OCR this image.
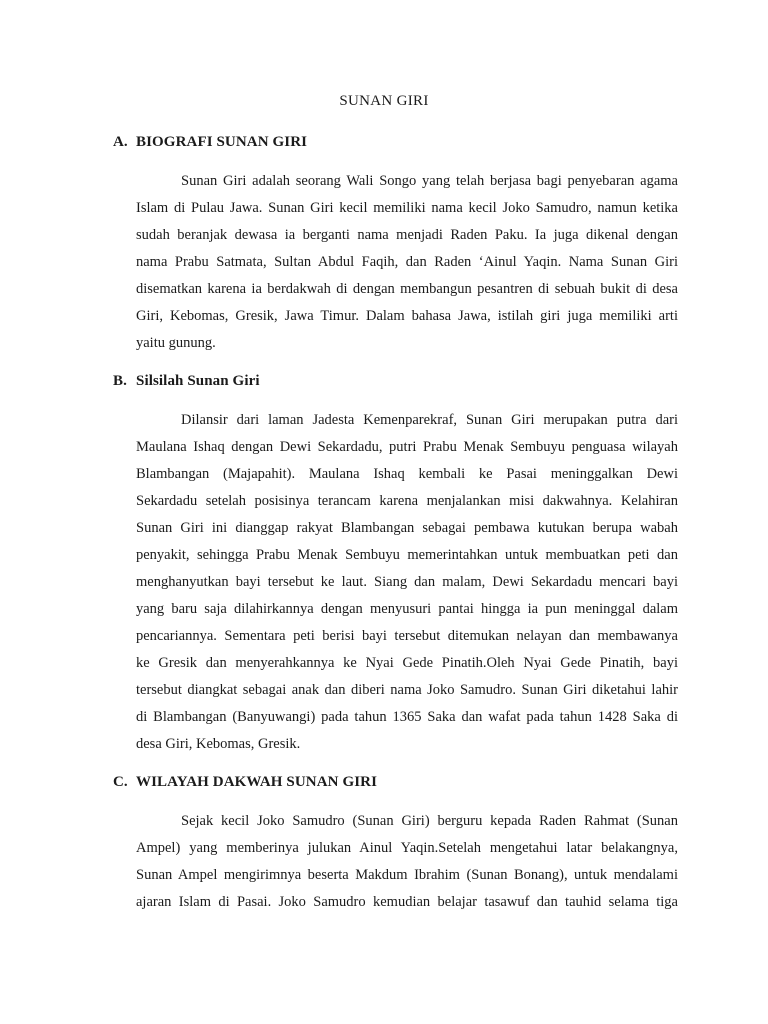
SUNAN GIRI
A. BIOGRAFI SUNAN GIRI
Sunan Giri adalah seorang Wali Songo yang telah berjasa bagi penyebaran agama
Islam di Pulau Jawa. Sunan Giri kecil memiliki nama kecil Joko Samudro, namun ketika
sudah beranjak dewasa ia berganti nama menjadi Raden Paku. Ia juga dikenal dengan
nama Prabu Satmata, Sultan Abdul Faqih, dan Raden ‘Ainul Yaqin. Nama Sunan Giri
disematkan karena ia berdakwah di dengan membangun pesantren di sebuah bukit di desa
Giri, Kebomas, Gresik, Jawa Timur. Dalam bahasa Jawa, istilah giri juga memiliki arti
yaitu gunung.
B. Silsilah Sunan Giri
Dilansir dari laman Jadesta Kemenparekraf, Sunan Giri merupakan putra dari
Maulana Ishaq dengan Dewi Sekardadu, putri Prabu Menak Sembuyu penguasa wilayah
Blambangan (Majapahit). Maulana Ishaq kembali ke Pasai meninggalkan Dewi
Sekardadu setelah posisinya terancam karena menjalankan misi dakwahnya. Kelahiran
Sunan Giri ini dianggap rakyat Blambangan sebagai pembawa kutukan berupa wabah
penyakit, sehingga Prabu Menak Sembuyu memerintahkan untuk membuatkan peti dan
menghanyutkan bayi tersebut ke laut. Siang dan malam, Dewi Sekardadu mencari bayi
yang baru saja dilahirkannya dengan menyusuri pantai hingga ia pun meninggal dalam
pencariannya. Sementara peti berisi bayi tersebut ditemukan nelayan dan membawanya
ke Gresik dan menyerahkannya ke Nyai Gede Pinatih.Oleh Nyai Gede Pinatih, bayi
tersebut diangkat sebagai anak dan diberi nama Joko Samudro. Sunan Giri diketahui lahir
di Blambangan (Banyuwangi) pada tahun 1365 Saka dan wafat pada tahun 1428 Saka di
desa Giri, Kebomas, Gresik.
C. WILAYAH DAKWAH SUNAN GIRI
Sejak kecil Joko Samudro (Sunan Giri) berguru kepada Raden Rahmat (Sunan
Ampel) yang memberinya julukan Ainul Yaqin.Setelah mengetahui latar belakangnya,
Sunan Ampel mengirimnya beserta Makdum Ibrahim (Sunan Bonang), untuk mendalami
ajaran Islam di Pasai. Joko Samudro kemudian belajar tasawuf dan tauhid selama tiga
